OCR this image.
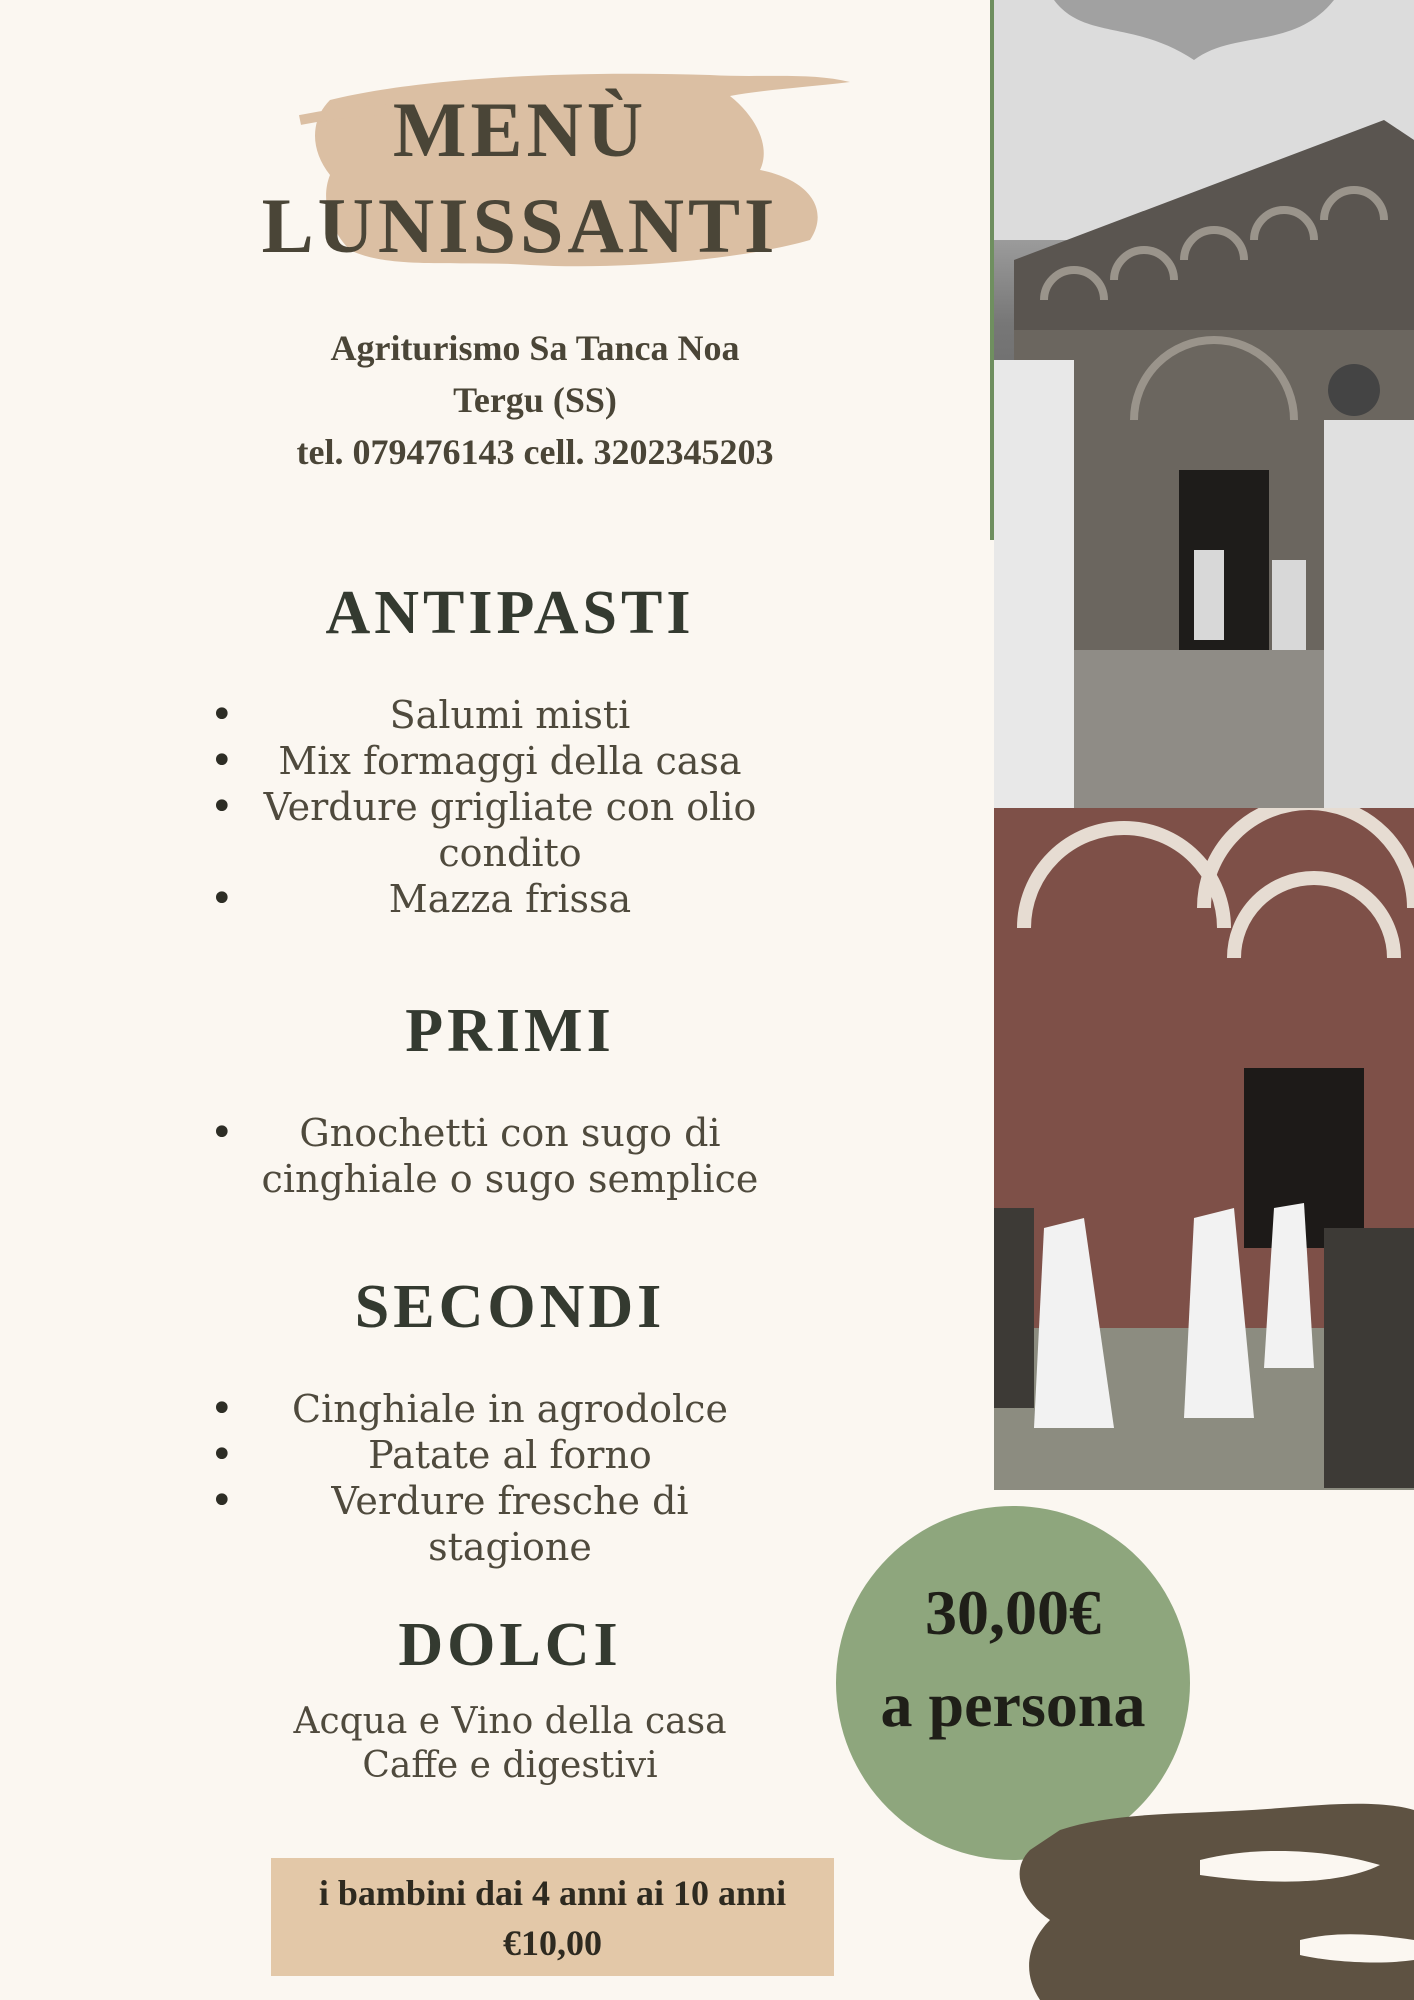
MENÙ
LUNISSANTI
Agriturismo Sa Tanca Noa
Tergu (SS)
tel. 079476143 cell. 3202345203
ANTIPASTI
• Salumi misti
• Mix formaggi della casa
• Verdure grigliate con olio condito
• Mazza frissa
PRIMI
• Gnochetti con sugo di cinghiale o sugo semplice
SECONDI
• Cinghiale in agrodolce
• Patate al forno
• Verdure fresche di stagione
DOLCI
Acqua e Vino della casa
Caffe e digestivi
i bambini dai 4 anni ai 10 anni
€10,00
30,00€
a persona
